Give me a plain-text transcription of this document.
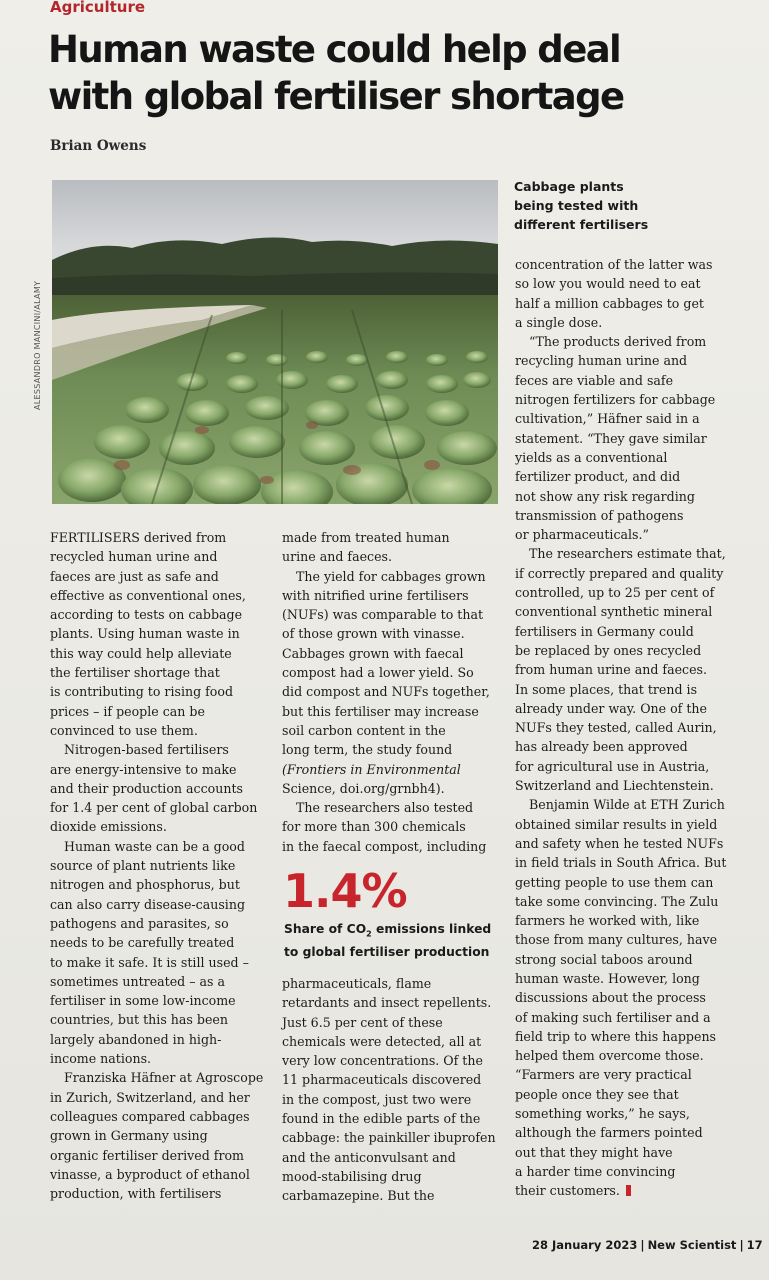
Agriculture
Human waste could help deal
with global fertiliser shortage
Brian Owens
ALESSANDRO MANCINI/ALAMY
Cabbage plants
being tested with
different fertilisers
FERTILISERS derived from
recycled human urine and
faeces are just as safe and
effective as conventional ones,
according to tests on cabbage
plants. Using human waste in
this way could help alleviate
the fertiliser shortage that
is contributing to rising food
prices – if people can be
convinced to use them.
Nitrogen-based fertilisers
are energy-intensive to make
and their production accounts
for 1.4 per cent of global carbon
dioxide emissions.
Human waste can be a good
source of plant nutrients like
nitrogen and phosphorus, but
can also carry disease-causing
pathogens and parasites, so
needs to be carefully treated
to make it safe. It is still used –
sometimes untreated – as a
fertiliser in some low-income
countries, but this has been
largely abandoned in high-
income nations.
Franziska Häfner at Agroscope
in Zurich, Switzerland, and her
colleagues compared cabbages
grown in Germany using
organic fertiliser derived from
vinasse, a byproduct of ethanol
production, with fertilisers
made from treated human
urine and faeces.
The yield for cabbages grown
with nitrified urine fertilisers
(NUFs) was comparable to that
of those grown with vinasse.
Cabbages grown with faecal
compost had a lower yield. So
did compost and NUFs together,
but this fertiliser may increase
soil carbon content in the
long term, the study found
(Frontiers in Environmental
Science, doi.org/grnbh4).
The researchers also tested
for more than 300 chemicals
in the faecal compost, including
1.4%
Share of $CO_2$ emissions linked
to global fertiliser production
pharmaceuticals, flame
retardants and insect repellents.
Just 6.5 per cent of these
chemicals were detected, all at
very low concentrations. Of the
11 pharmaceuticals discovered
in the compost, just two were
found in the edible parts of the
cabbage: the painkiller ibuprofen
and the anticonvulsant and
mood-stabilising drug
carbamazepine. But the
concentration of the latter was
so low you would need to eat
half a million cabbages to get
a single dose.
“The products derived from
recycling human urine and
feces are viable and safe
nitrogen fertilizers for cabbage
cultivation,” Häfner said in a
statement. “They gave similar
yields as a conventional
fertilizer product, and did
not show any risk regarding
transmission of pathogens
or pharmaceuticals.”
The researchers estimate that,
if correctly prepared and quality
controlled, up to 25 per cent of
conventional synthetic mineral
fertilisers in Germany could
be replaced by ones recycled
from human urine and faeces.
In some places, that trend is
already under way. One of the
NUFs they tested, called Aurin,
has already been approved
for agricultural use in Austria,
Switzerland and Liechtenstein.
Benjamin Wilde at ETH Zurich
obtained similar results in yield
and safety when he tested NUFs
in field trials in South Africa. But
getting people to use them can
take some convincing. The Zulu
farmers he worked with, like
those from many cultures, have
strong social taboos around
human waste. However, long
discussions about the process
of making such fertiliser and a
field trip to where this happens
helped them overcome those.
“Farmers are very practical
people once they see that
something works,” he says,
although the farmers pointed
out that they might have
a harder time convincing
their customers.
28 January 2023 | New Scientist | 17
